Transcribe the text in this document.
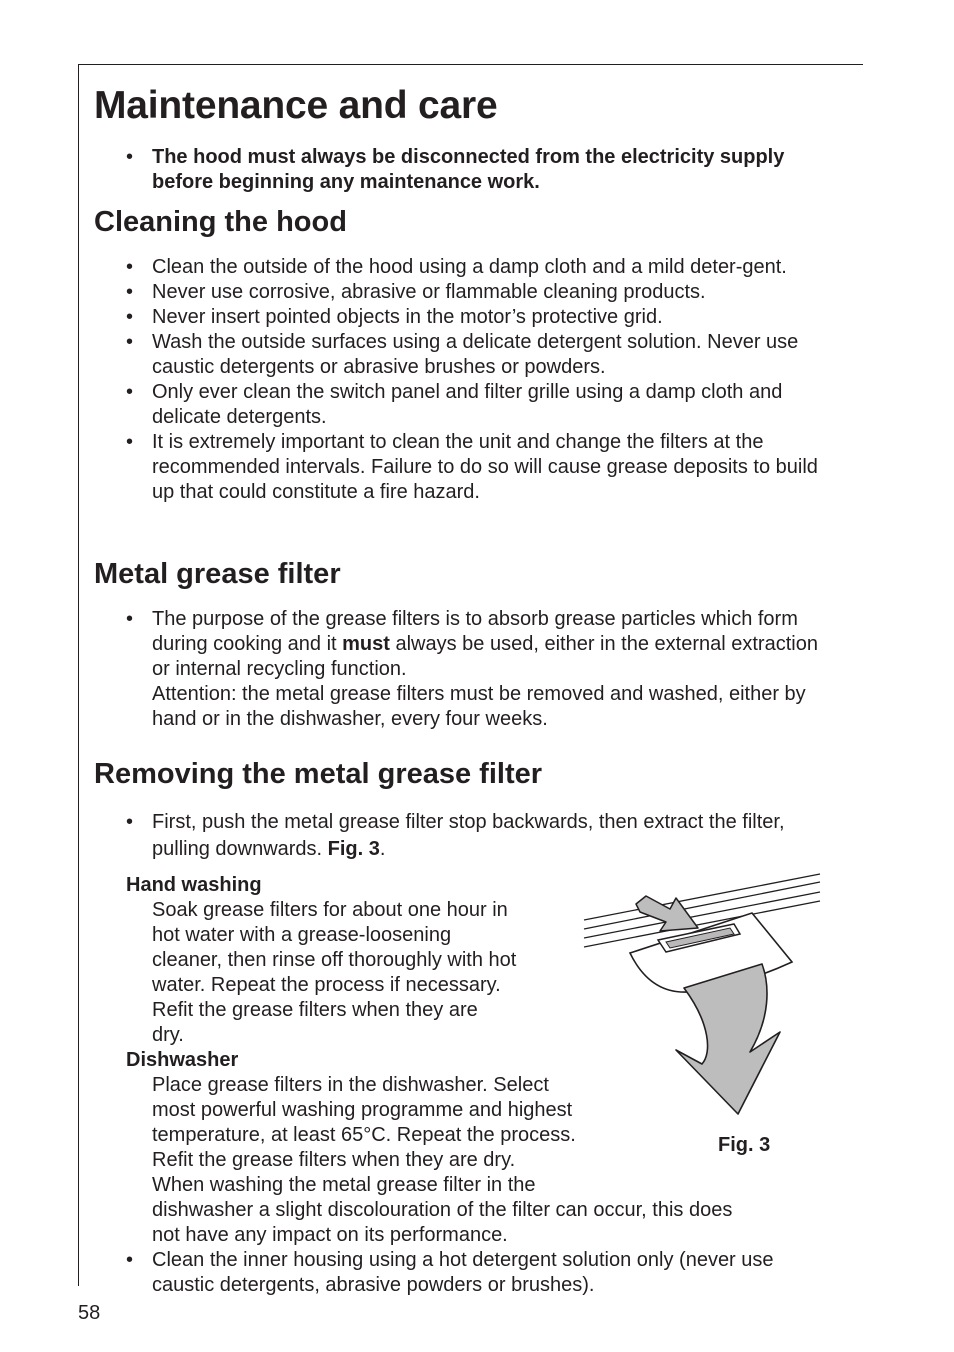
Maintenance and care
• The hood must always be disconnected from the electricity supply before beginning any maintenance work.
Cleaning the hood
• Clean the outside of the hood using a damp cloth and a mild deter-gent.
• Never use corrosive, abrasive or flammable cleaning products.
• Never insert pointed objects in the motor’s protective grid.
• Wash the outside surfaces using a delicate detergent solution. Never use caustic detergents or abrasive brushes or powders.
• Only ever clean the switch panel and filter grille using a damp cloth and delicate detergents.
• It is extremely important to clean the unit and change the filters at the recommended intervals. Failure to do so will cause grease deposits to build up that could constitute a fire hazard.
Metal grease filter
• The purpose of the grease filters is to absorb grease particles which form during cooking and it must always be used, either in the external extraction or internal recycling function.
Attention: the metal grease filters must be removed and washed, either by hand or in the dishwasher, every four weeks.
Removing the metal grease filter
• First, push the metal grease filter stop backwards, then extract the filter, pulling downwards. Fig. 3.
Hand washing
Soak grease filters for about one hour in
hot water with a grease-loosening
cleaner, then rinse off thoroughly with hot
water. Repeat the process if necessary.
Refit the grease filters when they are
dry.
Dishwasher
Place grease filters in the dishwasher. Select
most powerful washing programme and highest
temperature, at least 65°C. Repeat the process.
Refit the grease filters when they are dry.
When washing the metal grease filter in the
dishwasher a slight discolouration of the filter can occur, this does
not have any impact on its performance.
• Clean the inner housing using a hot detergent solution only (never use caustic detergents, abrasive powders or brushes).
Fig. 3
58
